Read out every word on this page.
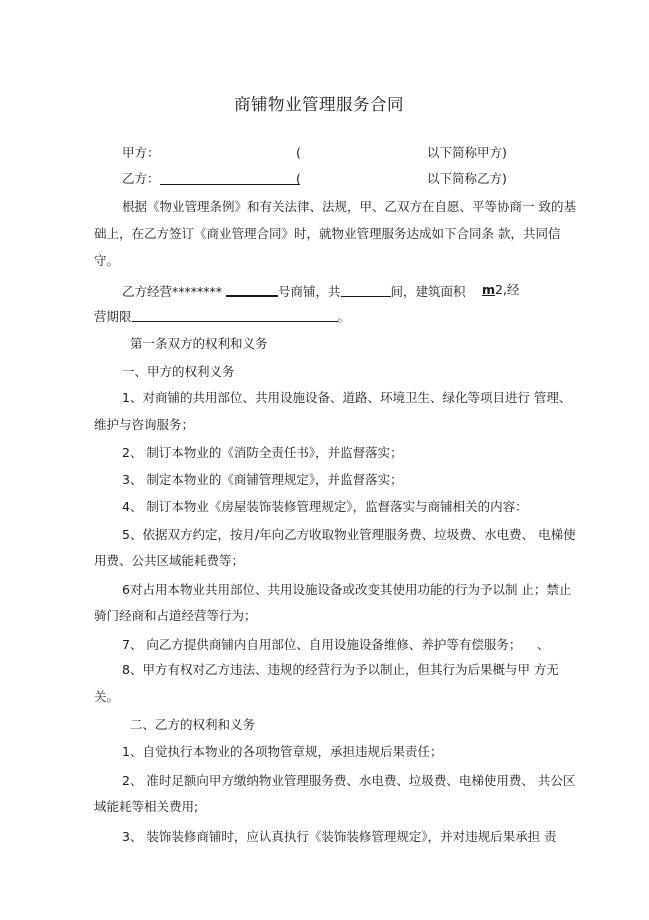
商铺物业管理服务合同
甲方：	(	以下简称甲方)
乙方：	(	以下简称乙方)
根据《物业管理条例》和有关法律、法规，甲、乙双方在自愿、平等协商一 致的基
础上，在乙方签订《商业管理合同》时，就物业管理服务达成如下合同条 款，共同信
守。
乙方经营********	号商铺，共	间，建筑面积 m 2,经
营期限	。
第一条双方的权利和义务
一、甲方的权利义务
1、对商铺的共用部位、共用设施设备、道路、环境卫生、绿化等项目进行 管理、
维护与咨询服务；
2、 制订本物业的《消防全责任书》，并监督落实；
3、 制定本物业的《商铺管理规定》，并监督落实；
4、 制订本物业《房屋装饰装修管理规定》，监督落实与商铺相关的内容：
5、依据双方约定，按月/年向乙方收取物业管理服务费、垃圾费、水电费、 电梯使
用费、公共区域能耗费等；
6对占用本物业共用部位、共用设施设备或改变其使用功能的行为予以制 止；禁止
骑门经商和占道经营等行为；
7、 向乙方提供商铺内自用部位、自用设施设备维修、养护等有偿服务； 、
8、甲方有权对乙方违法、违规的经营行为予以制止，但其行为后果概与甲 方无
关。
二、乙方的权利和义务
1、自觉执行本物业的各项物管章规，承担违规后果责任；
2、 准时足额向甲方缴纳物业管理服务费、水电费、垃圾费、电梯使用费、 共公区
域能耗等相关费用;
3、 装饰装修商铺时，应认真执行《装饰装修管理规定》，并对违规后果承担 责
